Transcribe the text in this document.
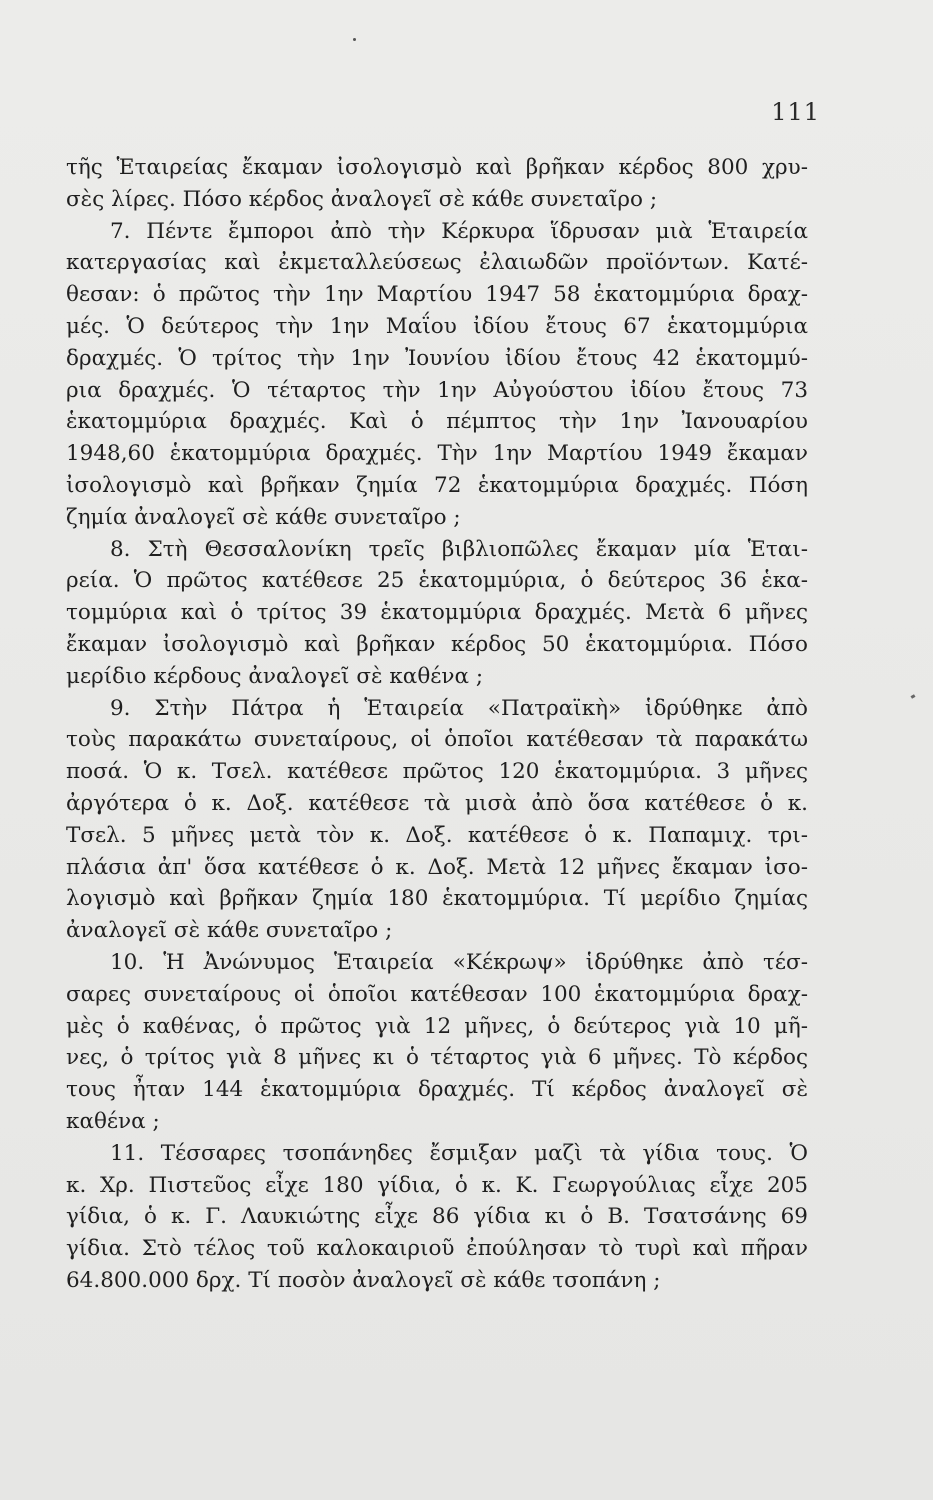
111
τῆς Ἑταιρείας ἔκαμαν ἰσολογισμὸ καὶ βρῆκαν κέρδος 800 χρυ-
σὲς λίρες. Πόσο κέρδος ἀναλογεῖ σὲ κάθε συνεταῖρο ;
7. Πέντε ἔμποροι ἀπὸ τὴν Κέρκυρα ἵδρυσαν μιὰ Ἑταιρεία
κατεργασίας καὶ ἐκμεταλλεύσεως ἐλαιωδῶν προϊόντων. Κατέ-
θεσαν: ὁ πρῶτος τὴν 1ην Μαρτίου 1947 58 ἑκατομμύρια δραχ-
μές. Ὁ δεύτερος τὴν 1ην Μαΐου ἰδίου ἔτους 67 ἑκατομμύρια
δραχμές. Ὁ τρίτος τὴν 1ην Ἰουνίου ἰδίου ἔτους 42 ἑκατομμύ-
ρια δραχμές. Ὁ τέταρτος τὴν 1ην Αὐγούστου ἰδίου ἔτους 73
ἑκατομμύρια δραχμές. Καὶ ὁ πέμπτος τὴν 1ην Ἰανουαρίου
1948,60 ἑκατομμύρια δραχμές. Τὴν 1ην Μαρτίου 1949 ἔκαμαν
ἰσολογισμὸ καὶ βρῆκαν ζημία 72 ἑκατομμύρια δραχμές. Πόση
ζημία ἀναλογεῖ σὲ κάθε συνεταῖρο ;
8. Στὴ Θεσσαλονίκη τρεῖς βιβλιοπῶλες ἔκαμαν μία Ἑται-
ρεία. Ὁ πρῶτος κατέθεσε 25 ἑκατομμύρια, ὁ δεύτερος 36 ἑκα-
τομμύρια καὶ ὁ τρίτος 39 ἑκατομμύρια δραχμές. Μετὰ 6 μῆνες
ἔκαμαν ἰσολογισμὸ καὶ βρῆκαν κέρδος 50 ἑκατομμύρια. Πόσο
μερίδιο κέρδους ἀναλογεῖ σὲ καθένα ;
9. Στὴν Πάτρα ἡ Ἑταιρεία «Πατραϊκὴ» ἱδρύθηκε ἀπὸ
τοὺς παρακάτω συνεταίρους, οἱ ὁποῖοι κατέθεσαν τὰ παρακάτω
ποσά. Ὁ κ. Τσελ. κατέθεσε πρῶτος 120 ἑκατομμύρια. 3 μῆνες
ἀργότερα ὁ κ. Δοξ. κατέθεσε τὰ μισὰ ἀπὸ ὅσα κατέθεσε ὁ κ.
Τσελ. 5 μῆνες μετὰ τὸν κ. Δοξ. κατέθεσε ὁ κ. Παπαμιχ. τρι-
πλάσια ἀπ' ὅσα κατέθεσε ὁ κ. Δοξ. Μετὰ 12 μῆνες ἔκαμαν ἰσο-
λογισμὸ καὶ βρῆκαν ζημία 180 ἑκατομμύρια. Τί μερίδιο ζημίας
ἀναλογεῖ σὲ κάθε συνεταῖρο ;
10. Ἡ Ἀνώνυμος Ἑταιρεία «Κέκρωψ» ἱδρύθηκε ἀπὸ τέσ-
σαρες συνεταίρους οἱ ὁποῖοι κατέθεσαν 100 ἑκατομμύρια δραχ-
μὲς ὁ καθένας, ὁ πρῶτος γιὰ 12 μῆνες, ὁ δεύτερος γιὰ 10 μῆ-
νες, ὁ τρίτος γιὰ 8 μῆνες κι ὁ τέταρτος γιὰ 6 μῆνες. Τὸ κέρδος
τους ἦταν 144 ἑκατομμύρια δραχμές. Τί κέρδος ἀναλογεῖ σὲ
καθένα ;
11. Τέσσαρες τσοπάνηδες ἔσμιξαν μαζὶ τὰ γίδια τους. Ὁ
κ. Χρ. Πιστεῦος εἶχε 180 γίδια, ὁ κ. Κ. Γεωργούλιας εἶχε 205
γίδια, ὁ κ. Γ. Λαυκιώτης εἶχε 86 γίδια κι ὁ Β. Τσατσάνης 69
γίδια. Στὸ τέλος τοῦ καλοκαιριοῦ ἐπούλησαν τὸ τυρὶ καὶ πῆραν
64.800.000 δρχ. Τί ποσὸν ἀναλογεῖ σὲ κάθε τσοπάνη ;
